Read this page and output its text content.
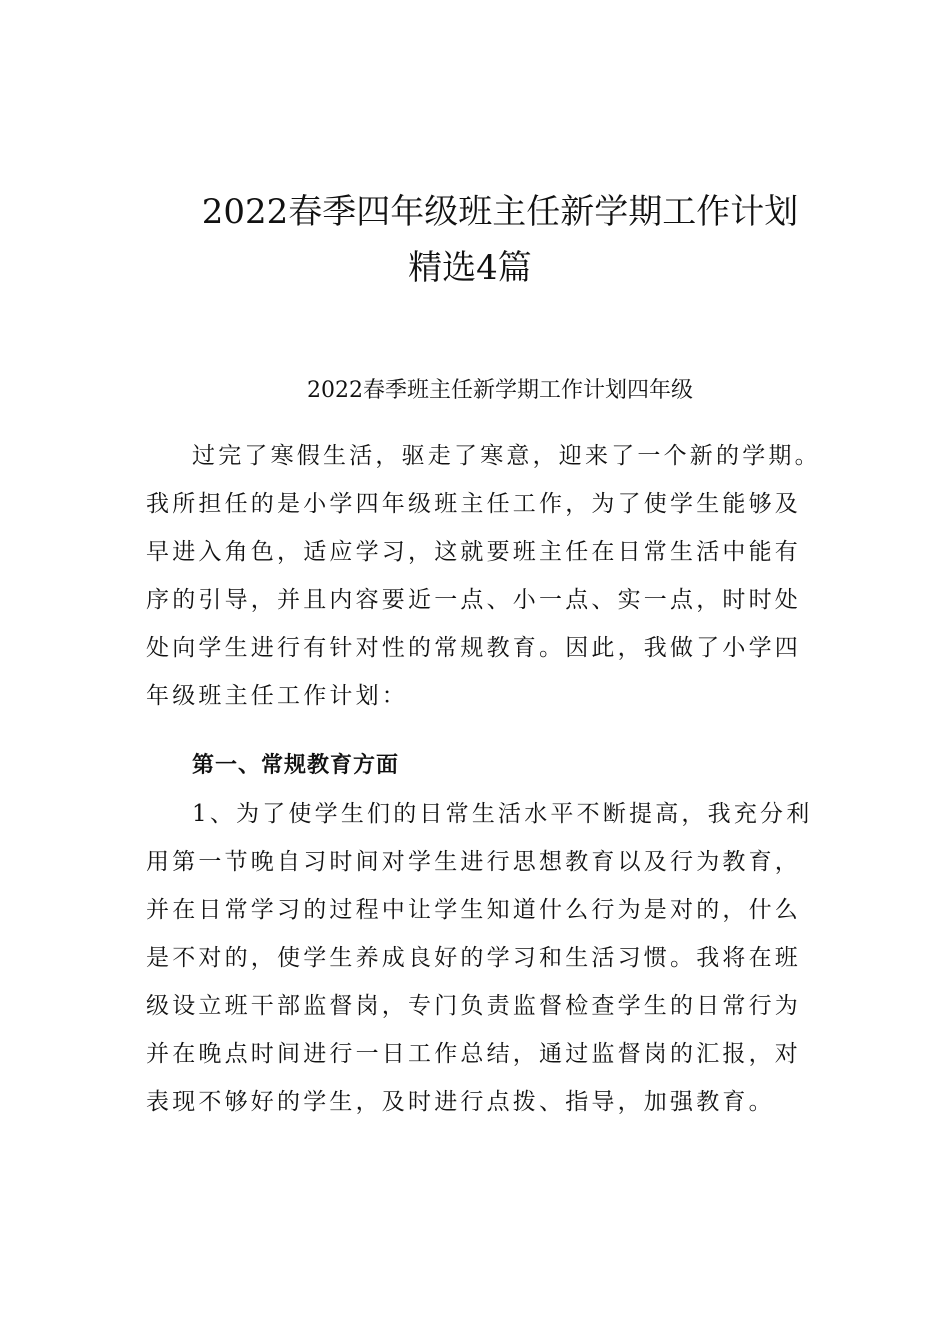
2022春季四年级班主任新学期工作计划
精选4篇
2022春季班主任新学期工作计划四年级

过完了寒假生活，驱走了寒意，迎来了一个新的学期。
我所担任的是小学四年级班主任工作，为了使学生能够及
早进入角色，适应学习，这就要班主任在日常生活中能有
序的引导，并且内容要近一点、小一点、实一点，时时处
处向学生进行有针对性的常规教育。因此，我做了小学四
年级班主任工作计划：

第一、常规教育方面

1、为了使学生们的日常生活水平不断提高，我充分利
用第一节晚自习时间对学生进行思想教育以及行为教育，
并在日常学习的过程中让学生知道什么行为是对的，什么
是不对的，使学生养成良好的学习和生活习惯。我将在班
级设立班干部监督岗，专门负责监督检查学生的日常行为
并在晚点时间进行一日工作总结，通过监督岗的汇报，对
表现不够好的学生，及时进行点拨、指导，加强教育。
